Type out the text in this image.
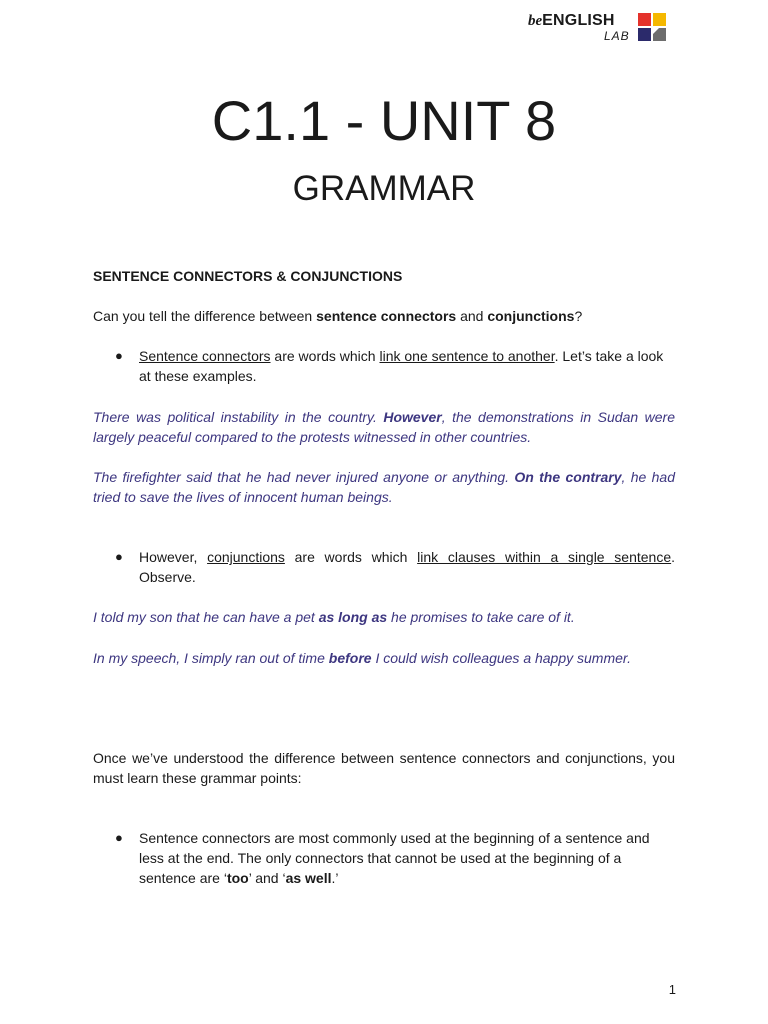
beENGLISH
LAB
C1.1 - UNIT 8
GRAMMAR

SENTENCE CONNECTORS & CONJUNCTIONS

Can you tell the difference between sentence connectors and conjunctions?

● Sentence connectors are words which link one sentence to another. Let’s take a look at these examples.

There was political instability in the country. However, the demonstrations in Sudan were largely peaceful compared to the protests witnessed in other countries.

The firefighter said that he had never injured anyone or anything. On the contrary, he had tried to save the lives of innocent human beings.

● However, conjunctions are words which link clauses within a single sentence. Observe.

I told my son that he can have a pet as long as he promises to take care of it.

In my speech, I simply ran out of time before I could wish colleagues a happy summer.

Once we’ve understood the difference between sentence connectors and conjunctions, you must learn these grammar points:

● Sentence connectors are most commonly used at the beginning of a sentence and less at the end. The only connectors that cannot be used at the beginning of a sentence are ‘too’ and ‘as well.’

1
